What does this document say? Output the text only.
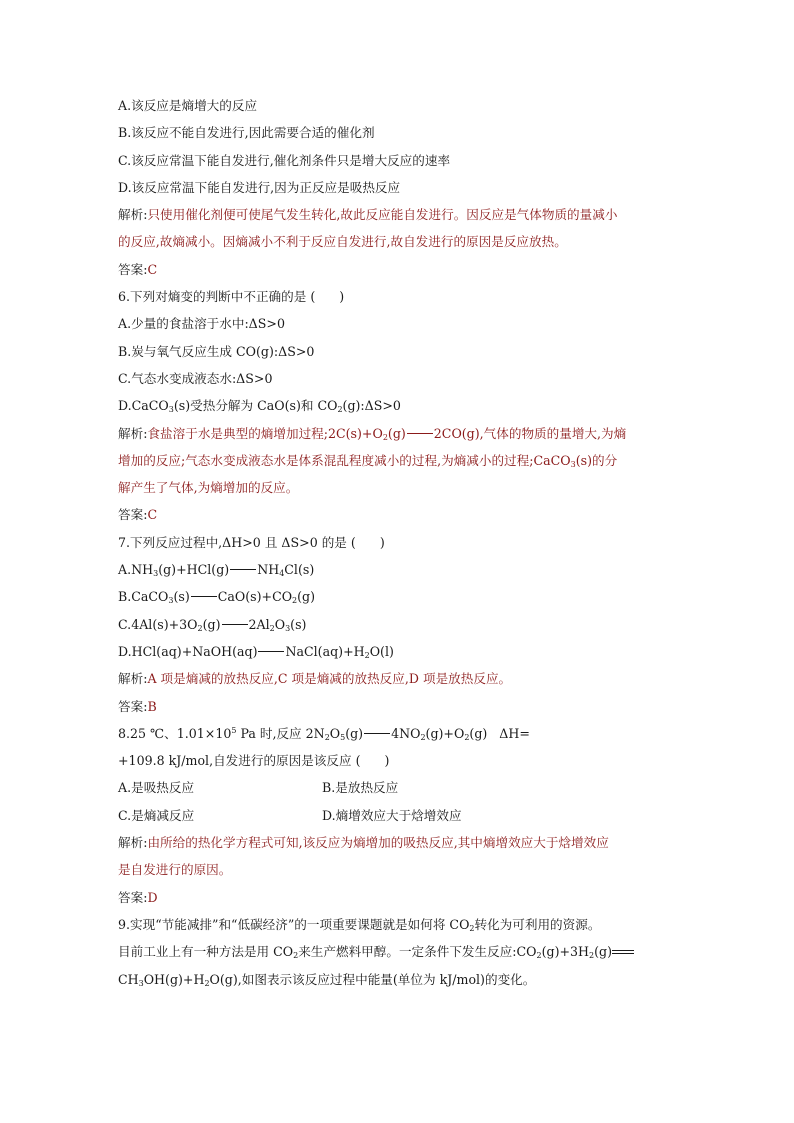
A.该反应是熵增大的反应
B.该反应不能自发进行,因此需要合适的催化剂
C.该反应常温下能自发进行,催化剂条件只是增大反应的速率
D.该反应常温下能自发进行,因为正反应是吸热反应
解析:只使用催化剂便可使尾气发生转化,故此反应能自发进行。因反应是气体物质的量减小
的反应,故熵减小。因熵减小不利于反应自发进行,故自发进行的原因是反应放热。
答案:C
6.下列对熵变的判断中不正确的是 (      )
A.少量的食盐溶于水中:ΔS>0
B.炭与氧气反应生成 CO(g):ΔS>0
C.气态水变成液态水:ΔS>0
D.CaCO$_3$(s)受热分解为 CaO(s)和 $CO_2(g):\Delta S>0$
解析:食盐溶于水是典型的熵增加过程$;2C(s)+O_2(g)$ 2CO(g),气体的物质的量增大,为熵
增加的反应;气态水变成液态水是体系混乱程度减小的过程,为熵减小的过程;CaCO$_3$(s)的分
解产生了气体,为熵增加的反应。
答案:C
7.下列反应过程中,ΔH>0 且 ΔS>0 的是 (      )
$A.NH_3(g)+HCl(g)$ $NH_4Cl(s)$
B.CaCO$_3$(s) $CaO(s)+CO_2(g)$
$C.4Al(s)+3O_2(g)$ $2Al_2O_3(s)$
D.HCl(aq)+NaOH(aq) $NaCl(aq)+H_2O(l)$
解析:A 项是熵减的放热反应,C 项是熵减的放热反应,D 项是放热反应。
答案:B
8.25 ℃、$1.01\times 10^5$ Pa 时,反应 $2N_2O_5(g)$ $4NO_2(g)+O_2(g)$   ΔH=
+109.8 kJ/mol,自发进行的原因是该反应 (      )
A.是吸热反应	B.是放热反应
C.是熵减反应	D.熵增效应大于焓增效应
解析:由所给的热化学方程式可知,该反应为熵增加的吸热反应,其中熵增效应大于焓增效应
是自发进行的原因。
答案:D
9.实现“节能减排”和“低碳经济”的一项重要课题就是如何将 $CO_2$转化为可利用的资源。
目前工业上有一种方法是用 $CO_2$来生产燃料甲醇。一定条件下发生反应$:CO_2(g)+3H_2(g)$
$CH_3OH(g)+H_2O(g)$,如图表示该反应过程中能量(单位为 kJ/mol)的变化。
